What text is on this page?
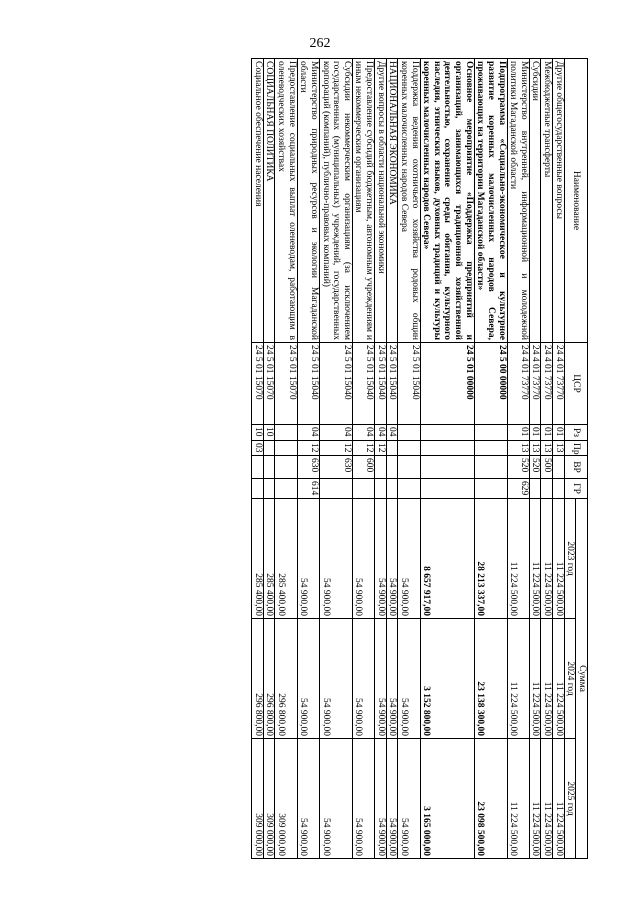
262
Наименование	ЦСР	Рз	Пр	ВР	ГР	Сумма		
						2023 год	2024 год	2025 год
Другие общегосударственные вопросы	24 4 01 73770	01	13			11 224 500,00	11 224 500,00	11 224 500,00
Межбюджетные трансферты	24 4 01 73770	01	13	500		11 224 500,00	11 224 500,00	11 224 500,00
Субсидии	24 4 01 73770	01	13	520		11 224 500,00	11 224 500,00	11 224 500,00
Министерство внутренней, информационной и молодежной политики Магаданской области	24 4 01 73770	01	13	520	629	11 224 500,00	11 224 500,00	11 224 500,00
Подпрограмма «Социально-экономическое и культурное развитие коренных малочисленных народов Севера, проживающих на территории Магаданской области»	24 5 00 00000					28 213 337,00	23 138 300,00	23 098 500,00
Основное мероприятие «Поддержка предприятий и организаций, занимающихся традиционной хозяйственной деятельностью, сохранение среды обитания, культурного наследия, этнических языков, духовных традиций и культуры коренных малочисленных народов Севера»	24 5 01 00000					8 657 917,00	3 152 800,00	3 165 000,00
Поддержка ведения охотничьего хозяйства родовых общин коренных малочисленных народов Севера	24 5 01 15040					54 900,00	54 900,00	54 900,00
НАЦИОНАЛЬНАЯ ЭКОНОМИКА	24 5 01 15040	04				54 900,00	54 900,00	54 900,00
Другие вопросы в области национальной экономики	24 5 01 15040	04	12			54 900,00	54 900,00	54 900,00
Предоставление субсидий бюджетным, автономным учреждениям и иным некоммерческим организациям	24 5 01 15040	04	12	600		54 900,00	54 900,00	54 900,00
Субсидии некоммерческим организациям (за исключением государственных (муниципальных) учреждений, государственных корпораций (компаний), публично-правовых компаний)	24 5 01 15040	04	12	630		54 900,00	54 900,00	54 900,00
Министерство природных ресурсов и экологии Магаданской области	24 5 01 15040	04	12	630	614	54 900,00	54 900,00	54 900,00
Предоставление социальных выплат оленеводам, работающим в оленеводческих хозяйствах	24 5 01 15070					285 400,00	296 800,00	309 000,00
СОЦИАЛЬНАЯ ПОЛИТИКА	24 5 01 15070	10				285 400,00	296 800,00	309 000,00
Социальное обеспечение населения	24 5 01 15070	10	03			285 400,00	296 800,00	309 000,00
